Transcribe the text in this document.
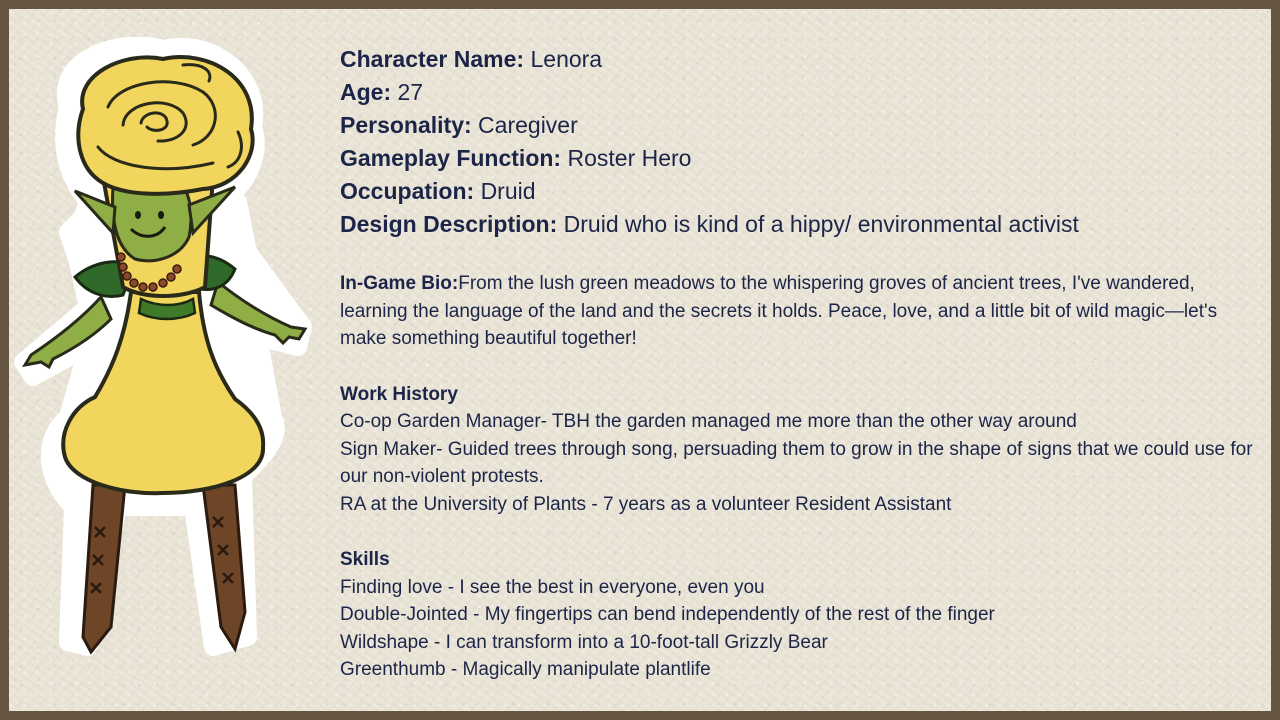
Character Name: Lenora

Age: 27

Personality: Caregiver

Gameplay Function: Roster Hero

Occupation: Druid

Design Description: Druid who is kind of a hippy/ environmental activist

In-Game Bio:From the lush green meadows to the whispering groves of ancient trees, I've wandered, learning the language of the land and the secrets it holds. Peace, love, and a little bit of wild magic—let's make something beautiful together!

Work History

Co-op Garden Manager- TBH the garden managed me more than the other way around

Sign Maker- Guided trees through song, persuading them to grow in the shape of signs that we could use for our non-violent protests.

RA at the University of Plants - 7 years as a volunteer Resident Assistant

Skills

Finding love - I see the best in everyone, even you

Double-Jointed - My fingertips can bend independently of the rest of the finger

Wildshape - I can transform into a 10-foot-tall Grizzly Bear

Greenthumb - Magically manipulate plantlife
